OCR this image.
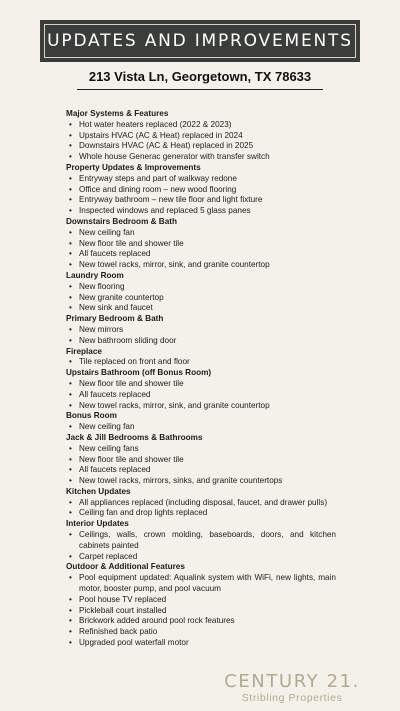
UPDATES AND IMPROVEMENTS
213 Vista Ln, Georgetown, TX 78633
Major Systems & Features
• Hot water heaters replaced (2022 & 2023)
• Upstairs HVAC (AC & Heat) replaced in 2024
• Downstairs HVAC (AC & Heat) replaced in 2025
• Whole house Generac generator with transfer switch
Property Updates & Improvements
• Entryway steps and part of walkway redone
• Office and dining room – new wood flooring
• Entryway bathroom – new tile floor and light fixture
• Inspected windows and replaced 5 glass panes
Downstairs Bedroom & Bath
• New ceiling fan
• New floor tile and shower tile
• All faucets replaced
• New towel racks, mirror, sink, and granite countertop
Laundry Room
• New flooring
• New granite countertop
• New sink and faucet
Primary Bedroom & Bath
• New mirrors
• New bathroom sliding door
Fireplace
• Tile replaced on front and floor
Upstairs Bathroom (off Bonus Room)
• New floor tile and shower tile
• All faucets replaced
• New towel racks, mirror, sink, and granite countertop
Bonus Room
• New ceiling fan
Jack & Jill Bedrooms & Bathrooms
• New ceiling fans
• New floor tile and shower tile
• All faucets replaced
• New towel racks, mirrors, sinks, and granite countertops
Kitchen Updates
• All appliances replaced (including disposal, faucet, and drawer pulls)
• Ceiling fan and drop lights replaced
Interior Updates
• Ceilings, walls, crown molding, baseboards, doors, and kitchen cabinets painted
• Carpet replaced
Outdoor & Additional Features
• Pool equipment updated: Aqualink system with WiFi, new lights, main motor, booster pump, and pool vacuum
• Pool house TV replaced
• Pickleball court installed
• Brickwork added around pool rock features
• Refinished back patio
• Upgraded pool waterfall motor
CENTURY 21.
Stribling Properties
